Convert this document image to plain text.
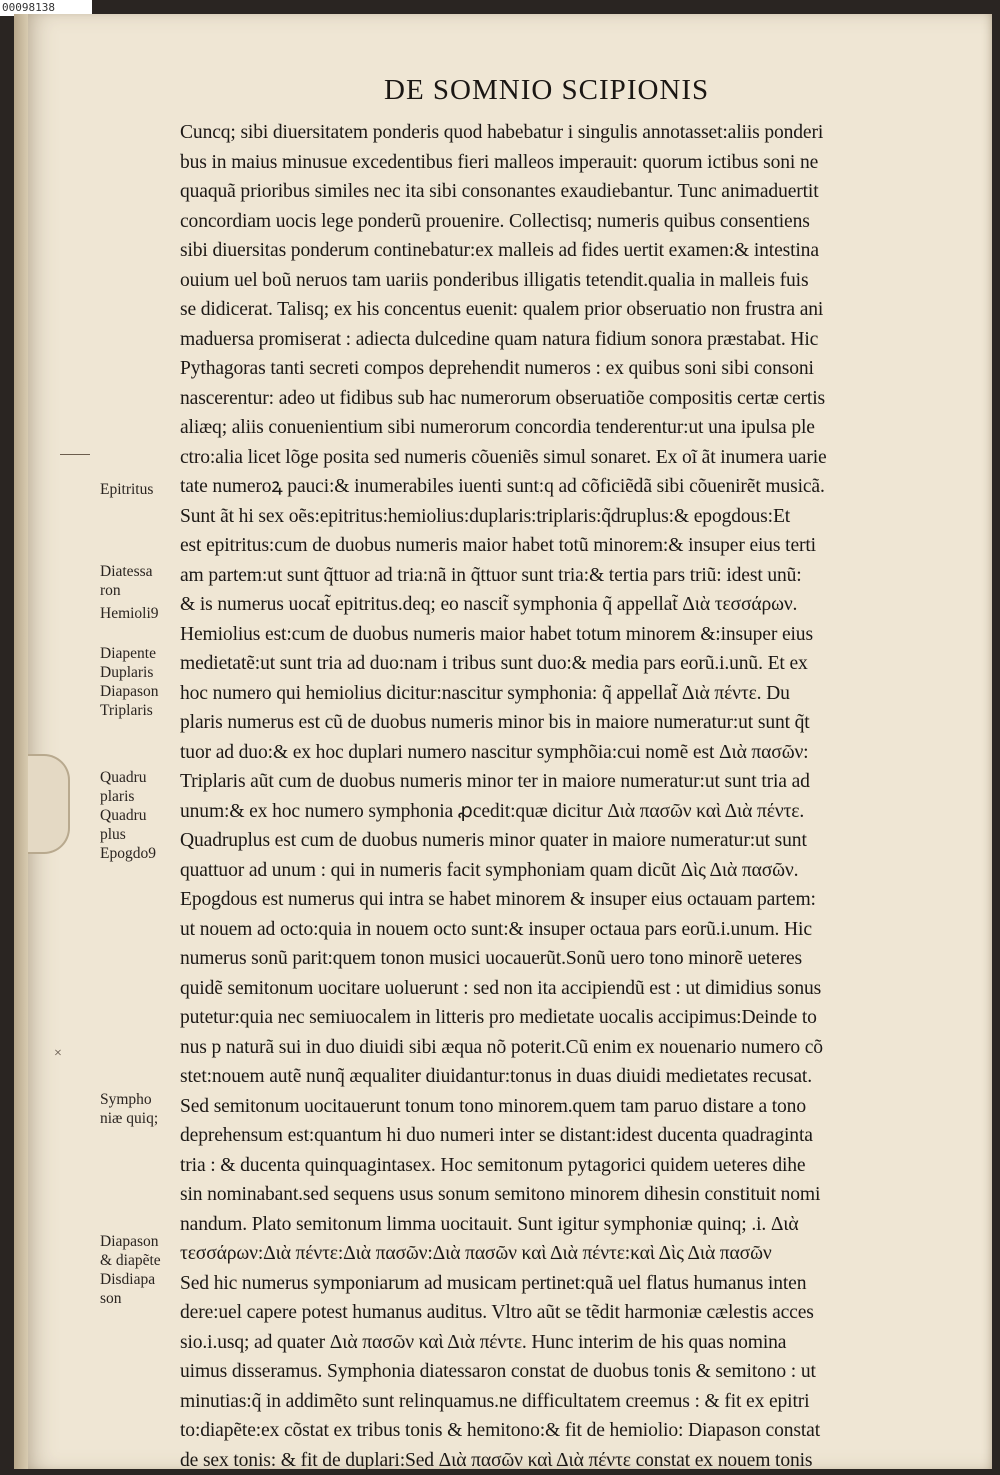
00098138
×
DE SOMNIO SCIPIONIS
Cuncq; sibi diuersitatem ponderis quod habebatur i singulis annotasset:aliis ponderi
bus in maius minusue excedentibus fieri malleos imperauit: quorum ictibus soni ne
quaquã prioribus similes nec ita sibi consonantes exaudiebantur. Tunc animaduertit
concordiam uocis lege ponderũ prouenire. Collectisq; numeris quibus consentiens
sibi diuersitas ponderum continebatur:ex malleis ad fides uertit examen:& intestina
ouium uel boũ neruos tam uariis ponderibus illigatis tetendit.qualia in malleis fuis
se didicerat. Talisq; ex his concentus euenit: qualem prior obseruatio non frustra ani
maduersa promiserat : adiecta dulcedine quam natura fidium sonora præstabat. Hic
Pythagoras tanti secreti compos deprehendit numeros : ex quibus soni sibi consoni
nascerentur: adeo ut fidibus sub hac numerorum obseruatiõe compositis certæ certis
aliæq; aliis conuenientium sibi numerorum concordia tenderentur:ut una ipulsa ple
ctro:alia licet lõge posita sed numeris cõueniẽs simul sonaret. Ex oĩ ãt inumera uarie
tate numeroꝝ pauci:& inumerabiles iuenti sunt:q ad cõficiẽdã sibi cõuenirẽt musicã.
Sunt ãt hi sex oẽs:epitritus:hemiolius:duplaris:triplaris:q̃druplus:& epogdous:Et
est epitritus:cum de duobus numeris maior habet totũ minorem:& insuper eius terti
am partem:ut sunt q̃ttuor ad tria:nã in q̃ttuor sunt tria:& tertia pars triũ: idest unũ:
& is numerus uocat̃ epitritus.deq; eo nascit̃ symphonia q̃ appellat̃ Διὰ τεσσάρων.
Hemiolius est:cum de duobus numeris maior habet totum minorem &:insuper eius
medietatẽ:ut sunt tria ad duo:nam i tribus sunt duo:& media pars eorũ.i.unũ. Et ex
hoc numero qui hemiolius dicitur:nascitur symphonia: q̃ appellat̃ Διὰ πέντε. Du
plaris numerus est cũ de duobus numeris minor bis in maiore numeratur:ut sunt q̃t
tuor ad duo:& ex hoc duplari numero nascitur symphõia:cui nomẽ est Διὰ πασῶν:
Triplaris aũt cum de duobus numeris minor ter in maiore numeratur:ut sunt tria ad
unum:& ex hoc numero symphonia ꝓcedit:quæ dicitur Διὰ πασῶν καὶ Διὰ πέντε.
Quadruplus est cum de duobus numeris minor quater in maiore numeratur:ut sunt
quattuor ad unum : qui in numeris facit symphoniam quam dicũt Δὶς Διὰ πασῶν.
Epogdous est numerus qui intra se habet minorem & insuper eius octauam partem:
ut nouem ad octo:quia in nouem octo sunt:& insuper octaua pars eorũ.i.unum. Hic
numerus sonũ parit:quem tonon musici uocauerũt.Sonũ uero tono minorẽ ueteres
quidẽ semitonum uocitare uoluerunt : sed non ita accipiendũ est : ut dimidius sonus
putetur:quia nec semiuocalem in litteris pro medietate uocalis accipimus:Deinde to
nus p naturã sui in duo diuidi sibi æqua nõ poterit.Cũ enim ex nouenario numero cõ
stet:nouem autẽ nunq̃ æqualiter diuidantur:tonus in duas diuidi medietates recusat.
Sed semitonum uocitauerunt tonum tono minorem.quem tam paruo distare a tono
deprehensum est:quantum hi duo numeri inter se distant:idest ducenta quadraginta
tria : & ducenta quinquagintasex. Hoc semitonum pytagorici quidem ueteres dihe
sin nominabant.sed sequens usus sonum semitono minorem dihesin constituit nomi
nandum. Plato semitonum limma uocitauit. Sunt igitur symphoniæ quinq; .i. Διὰ
τεσσάρων:Διὰ πέντε:Διὰ πασῶν:Διὰ πασῶν καὶ Διὰ πέντε:καὶ Δὶς Διὰ πασῶν
Sed hic numerus symponiarum ad musicam pertinet:quã uel flatus humanus inten
dere:uel capere potest humanus auditus. Vltro aũt se tẽdit harmoniæ cælestis acces
sio.i.usq; ad quater Διὰ πασῶν καὶ Διὰ πέντε. Hunc interim de his quas nomina
uimus disseramus. Symphonia diatessaron constat de duobus tonis & semitono : ut
minutias:q̃ in addimẽto sunt relinquamus.ne difficultatem creemus : & fit ex epitri
to:diapẽte:ex cõstat ex tribus tonis & hemitono:& fit de hemiolio: Diapason constat
de sex tonis: & fit de duplari:Sed Διὰ πασῶν καὶ Διὰ πέντε constat ex nouem tonis
Epitritus
Diatessa
ron
Hemioli9
Diapente
Duplaris
Diapason
Triplaris
Quadru
plaris
Quadru
plus
Epogdo9
Sympho
niæ quiq;
Diapason
& diapẽte
Disdiapa
son
